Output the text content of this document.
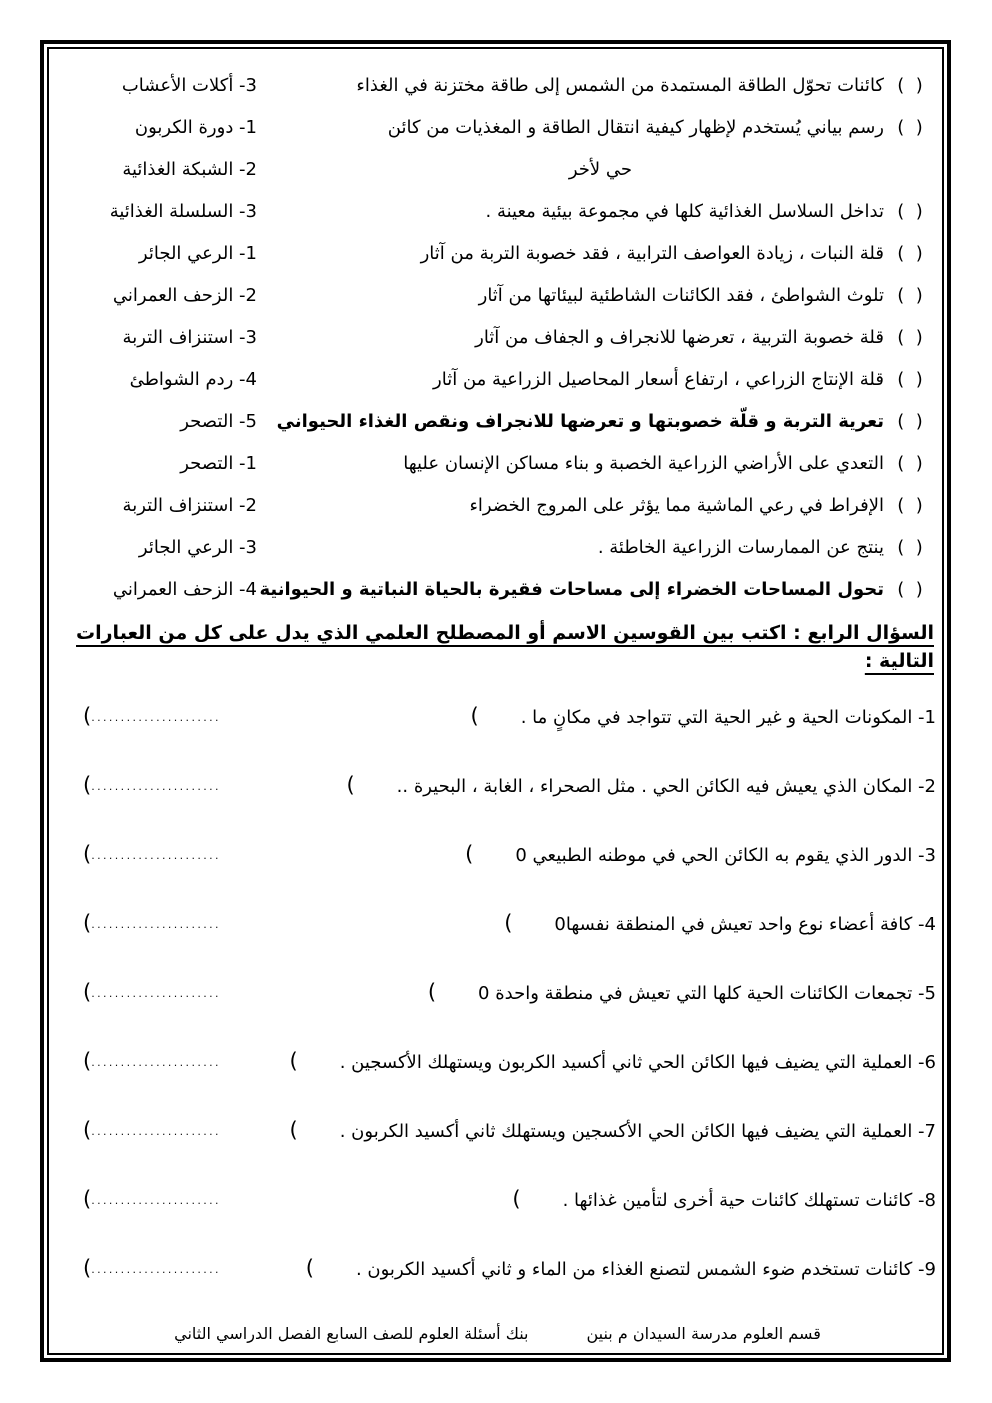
(  )
كائنات تحوّل الطاقة المستمدة من الشمس إلى طاقة مختزنة في الغذاء
3- أكلات الأعشاب
(  )
رسم بياني يُستخدم لإظهار كيفية انتقال الطاقة و المغذيات من كائن
1- دورة الكربون
حي لأخر
2- الشبكة الغذائية
(  )
تداخل السلاسل الغذائية كلها في مجموعة بيئية معينة .
3- السلسلة الغذائية
(  )
قلة النبات ، زيادة العواصف الترابية ، فقد خصوبة التربة من آثار
1- الرعي الجائر
(  )
تلوث الشواطئ ، فقد الكائنات الشاطئية لبيئاتها من آثار
2- الزحف العمراني
(  )
قلة خصوبة التربية ، تعرضها للانجراف و الجفاف من آثار
3- استنزاف التربة
(  )
قلة الإنتاج الزراعي ، ارتفاع أسعار المحاصيل الزراعية من آثار
4- ردم الشواطئ
(  )
تعرية التربة و قلّة خصوبتها و تعرضها للانجراف ونقص الغذاء الحيواني
5- التصحر
(  )
التعدي على الأراضي الزراعية الخصبة و بناء مساكن الإنسان عليها
1- التصحر
(  )
الإفراط في رعي الماشية مما يؤثر على المروج الخضراء
2- استنزاف التربة
(  )
ينتج عن الممارسات الزراعية الخاطئة .
3- الرعي الجائر
(  )
تحول المساحات الخضراء إلى مساحات فقيرة بالحياة النباتية و الحيوانية
4- الزحف العمراني
السؤال الرابع : اكتب بين القوسين الاسم أو المصطلح العلمي الذي يدل على كل من العبارات التالية :
1- المكونات الحية و غير الحية التي تتواجد في مكانٍ ما .
(
(......................
2- المكان الذي يعيش فيه الكائن الحي . مثل الصحراء ، الغابة ، البحيرة ..
(
(......................
3- الدور الذي يقوم به الكائن الحي في موطنه الطبيعي 0
(
(......................
4- كافة أعضاء نوع واحد تعيش في المنطقة نفسها0
(
(......................
5- تجمعات الكائنات الحية كلها التي تعيش في منطقة واحدة 0
(
(......................
6- العملية التي يضيف فيها الكائن الحي ثاني أكسيد الكربون ويستهلك الأكسجين .
(
(......................
7- العملية التي يضيف فيها الكائن الحي الأكسجين ويستهلك ثاني أكسيد الكربون .
(
(......................
8- كائنات تستهلك كائنات حية أخرى لتأمين غذائها .
(
(......................
9- كائنات تستخدم ضوء الشمس لتصنع الغذاء من الماء و ثاني أكسيد الكربون .
(
(......................
قسم العلوم مدرسة السيدان م بنين
بنك أسئلة العلوم للصف السابع الفصل الدراسي الثاني
